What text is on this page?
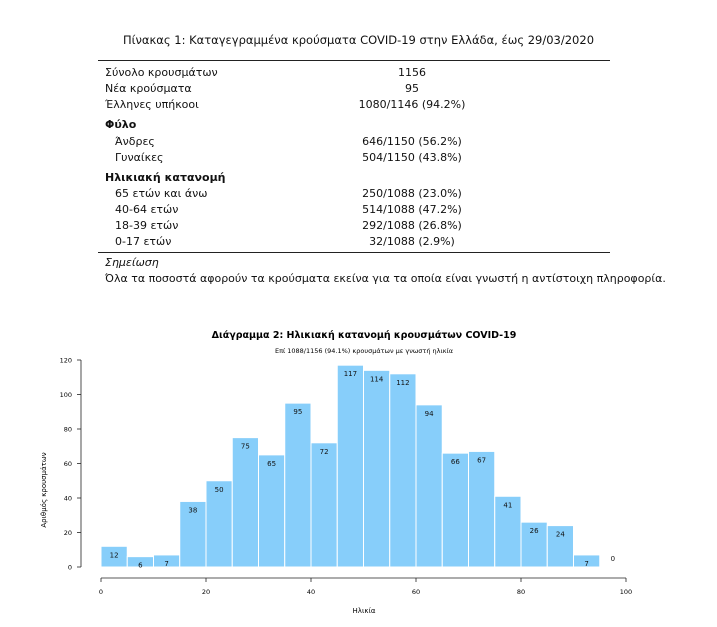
Πίνακας 1: Καταγεγραμμένα κρούσματα COVID-19 στην Ελλάδα, έως 29/03/2020
Σύνολο κρουσμάτων	1156
Νέα κρούσματα	95
Έλληνες υπήκοοι	1080/1146 (94.2%)
Φύλο
Άνδρες	646/1150 (56.2%)
Γυναίκες	504/1150 (43.8%)
Ηλικιακή κατανομή
65 ετών και άνω	250/1088 (23.0%)
40-64 ετών	514/1088 (47.2%)
18-39 ετών	292/1088 (26.8%)
0-17 ετών	32/1088 (2.9%)
Σημείωση
Όλα τα ποσοστά αφορούν τα κρούσματα εκείνα για τα οποία είναι γνωστή η αντίστοιχη πληροφορία.
Διάγραμμα 2: Ηλικιακή κατανομή κρουσμάτων COVID-19
Επί 1088/1156 (94.1%) κρουσμάτων με γνωστή ηλικία
12
6	7
38
50
75
65
95
72
117
114 112
94
66 67
41
26 24
7
0
0
20
40
60
80
100
120
0	20	40	60	80	100
Ηλικία
Αριθμός κρουσμάτων
